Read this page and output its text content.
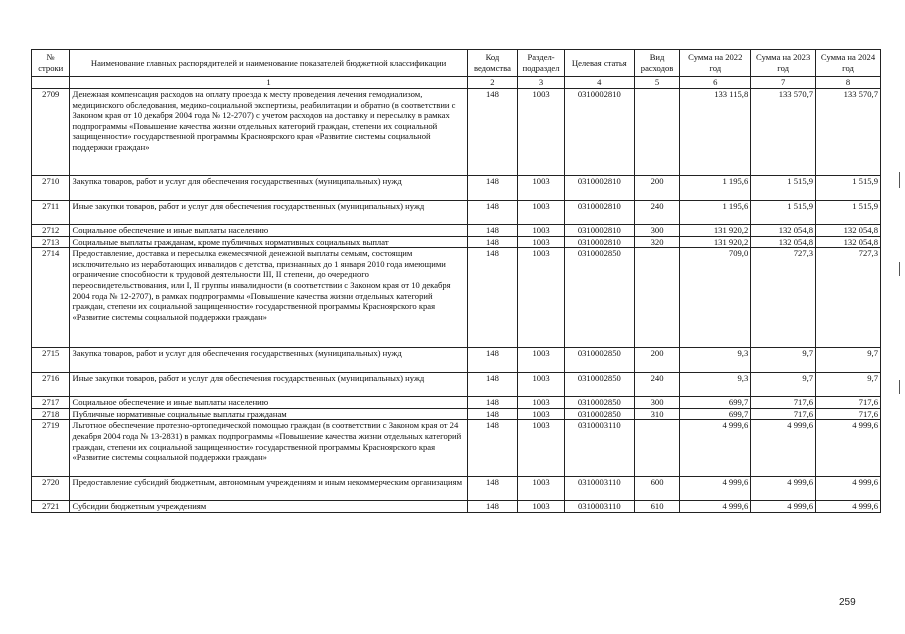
№ строки	Наименование главных распорядителей и наименование показателей бюджетной классификации	Код ведомства	Раздел-подраздел	Целевая статья	Вид расходов	Сумма на 2022 год	Сумма на 2023 год	Сумма на 2024 год
	1	2	3	4	5	6	7	8
2709	Денежная компенсация расходов на оплату проезда к месту проведения лечения гемодиализом, медицинского обследования, медико-социальной экспертизы, реабилитации и обратно (в соответствии с Законом края от 10 декабря 2004 года № 12-2707) с учетом расходов на доставку и пересылку в рамках подпрограммы «Повышение качества жизни отдельных категорий граждан, степени их социальной защищенности» государственной программы Красноярского края «Развитие системы социальной поддержки граждан»	148	1003	0310002810		133 115,8	133 570,7	133 570,7
2710	Закупка товаров, работ и услуг для обеспечения государственных (муниципальных) нужд	148	1003	0310002810	200	1 195,6	1 515,9	1 515,9
2711	Иные закупки товаров, работ и услуг для обеспечения государственных (муниципальных) нужд	148	1003	0310002810	240	1 195,6	1 515,9	1 515,9
2712	Социальное обеспечение и иные выплаты населению	148	1003	0310002810	300	131 920,2	132 054,8	132 054,8
2713	Социальные выплаты гражданам, кроме публичных нормативных социальных выплат	148	1003	0310002810	320	131 920,2	132 054,8	132 054,8
2714	Предоставление, доставка и пересылка ежемесячной денежной выплаты семьям, состоящим исключительно из неработающих инвалидов с детства, признанных до 1 января 2010 года имеющими ограничение способности к трудовой деятельности III, II степени, до очередного переосвидетельствования, или I, II группы инвалидности (в соответствии с Законом края от 10 декабря 2004 года № 12-2707), в рамках подпрограммы «Повышение качества жизни отдельных категорий граждан, степени их социальной защищенности» государственной программы Красноярского края «Развитие системы социальной поддержки граждан»	148	1003	0310002850		709,0	727,3	727,3
2715	Закупка товаров, работ и услуг для обеспечения государственных (муниципальных) нужд	148	1003	0310002850	200	9,3	9,7	9,7
2716	Иные закупки товаров, работ и услуг для обеспечения государственных (муниципальных) нужд	148	1003	0310002850	240	9,3	9,7	9,7
2717	Социальное обеспечение и иные выплаты населению	148	1003	0310002850	300	699,7	717,6	717,6
2718	Публичные нормативные социальные выплаты гражданам	148	1003	0310002850	310	699,7	717,6	717,6
2719	Льготное обеспечение протезно-ортопедической помощью граждан (в соответствии с Законом края от 24 декабря 2004 года № 13-2831) в рамках подпрограммы «Повышение качества жизни отдельных категорий граждан, степени их социальной защищенности» государственной программы Красноярского края «Развитие системы социальной поддержки граждан»	148	1003	0310003110		4 999,6	4 999,6	4 999,6
2720	Предоставление субсидий бюджетным, автономным учреждениям и иным некоммерческим организациям	148	1003	0310003110	600	4 999,6	4 999,6	4 999,6
2721	Субсидии бюджетным учреждениям	148	1003	0310003110	610	4 999,6	4 999,6	4 999,6
259
